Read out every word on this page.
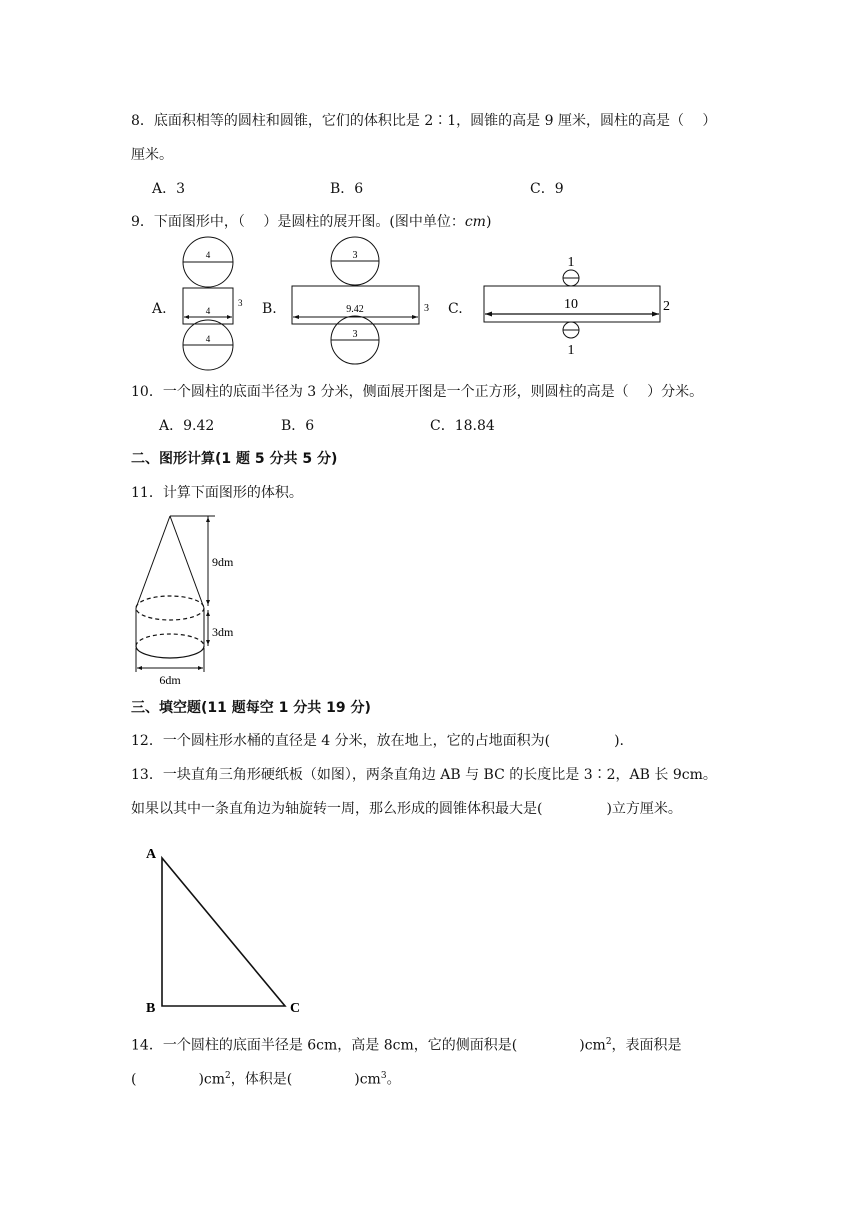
8．底面积相等的圆柱和圆锥，它们的体积比是 2∶1，圆锥的高是 9 厘米，圆柱的高是（　 ）
厘米。
A．3	B．6	C．9
9．下面图形中，（　 ）是圆柱的展开图。(图中单位：cm)
A.	B.	C.
4
4
3
4
3
9.42	3
3
1
10	2
1
10．一个圆柱的底面半径为 3 分米，侧面展开图是一个正方形，则圆柱的高是（　 ）分米。
A．9.42	B．6	C．18.84
二、图形计算(1 题 5 分共 5 分)
11．计算下面图形的体积。
9dm
3dm
6dm
三、填空题(11 题每空 1 分共 19 分)
12．一个圆柱形水桶的直径是 4 分米，放在地上，它的占地面积为(	).
13．一块直角三角形硬纸板（如图），两条直角边 AB 与 BC 的长度比是 3∶2，AB 长 9cm。
如果以其中一条直角边为轴旋转一周，那么形成的圆锥体积最大是(	)立方厘米。
A
B	C
14．一个圆柱的底面半径是 6cm，高是 8cm，它的侧面积是(	)$cm^2$，表面积是
(	)$cm^2$，体积是(	)$cm^3$。
